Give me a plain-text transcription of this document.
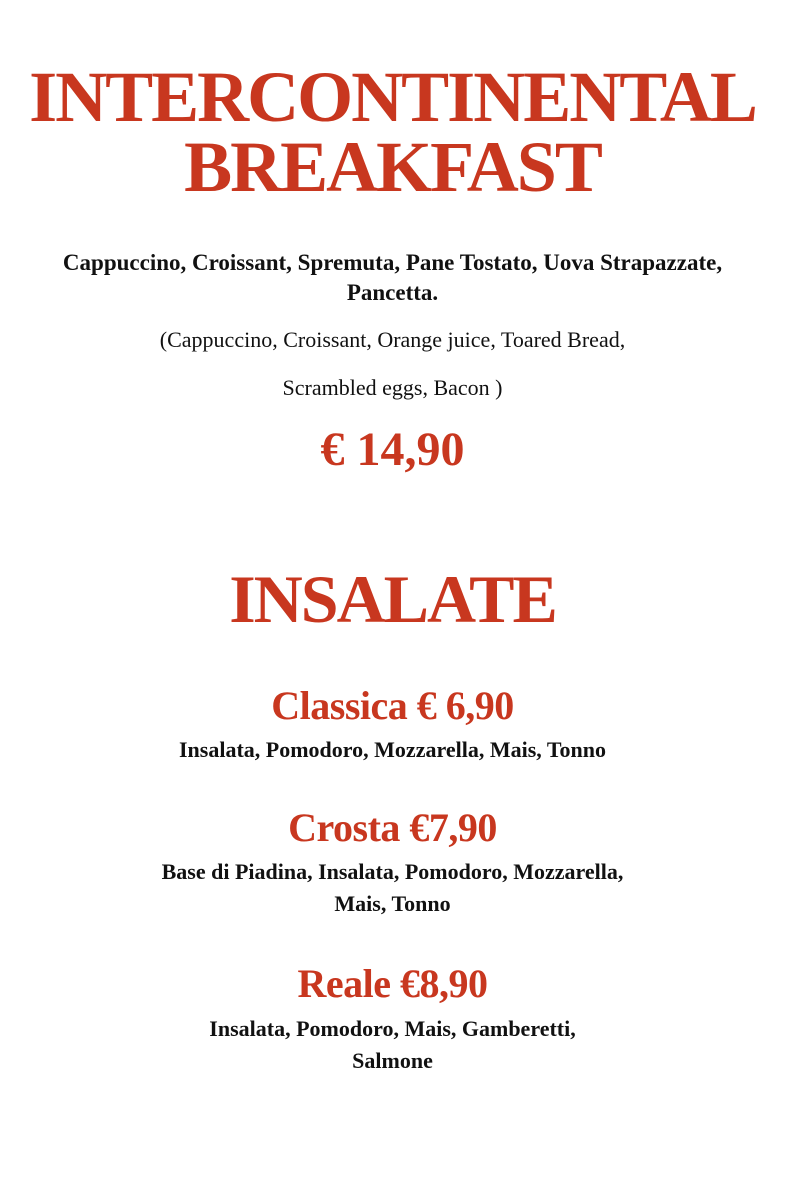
INTERCONTINENTAL
BREAKFAST
Cappuccino, Croissant, Spremuta, Pane Tostato, Uova Strapazzate, Pancetta.
(Cappuccino, Croissant, Orange juice, Toared Bread,
Scrambled eggs, Bacon )
€ 14,90
INSALATE
Classica € 6,90
Insalata, Pomodoro, Mozzarella, Mais, Tonno
Crosta €7,90
Base di Piadina, Insalata, Pomodoro, Mozzarella, Mais, Tonno
Reale €8,90
Insalata, Pomodoro, Mais, Gamberetti, Salmone
